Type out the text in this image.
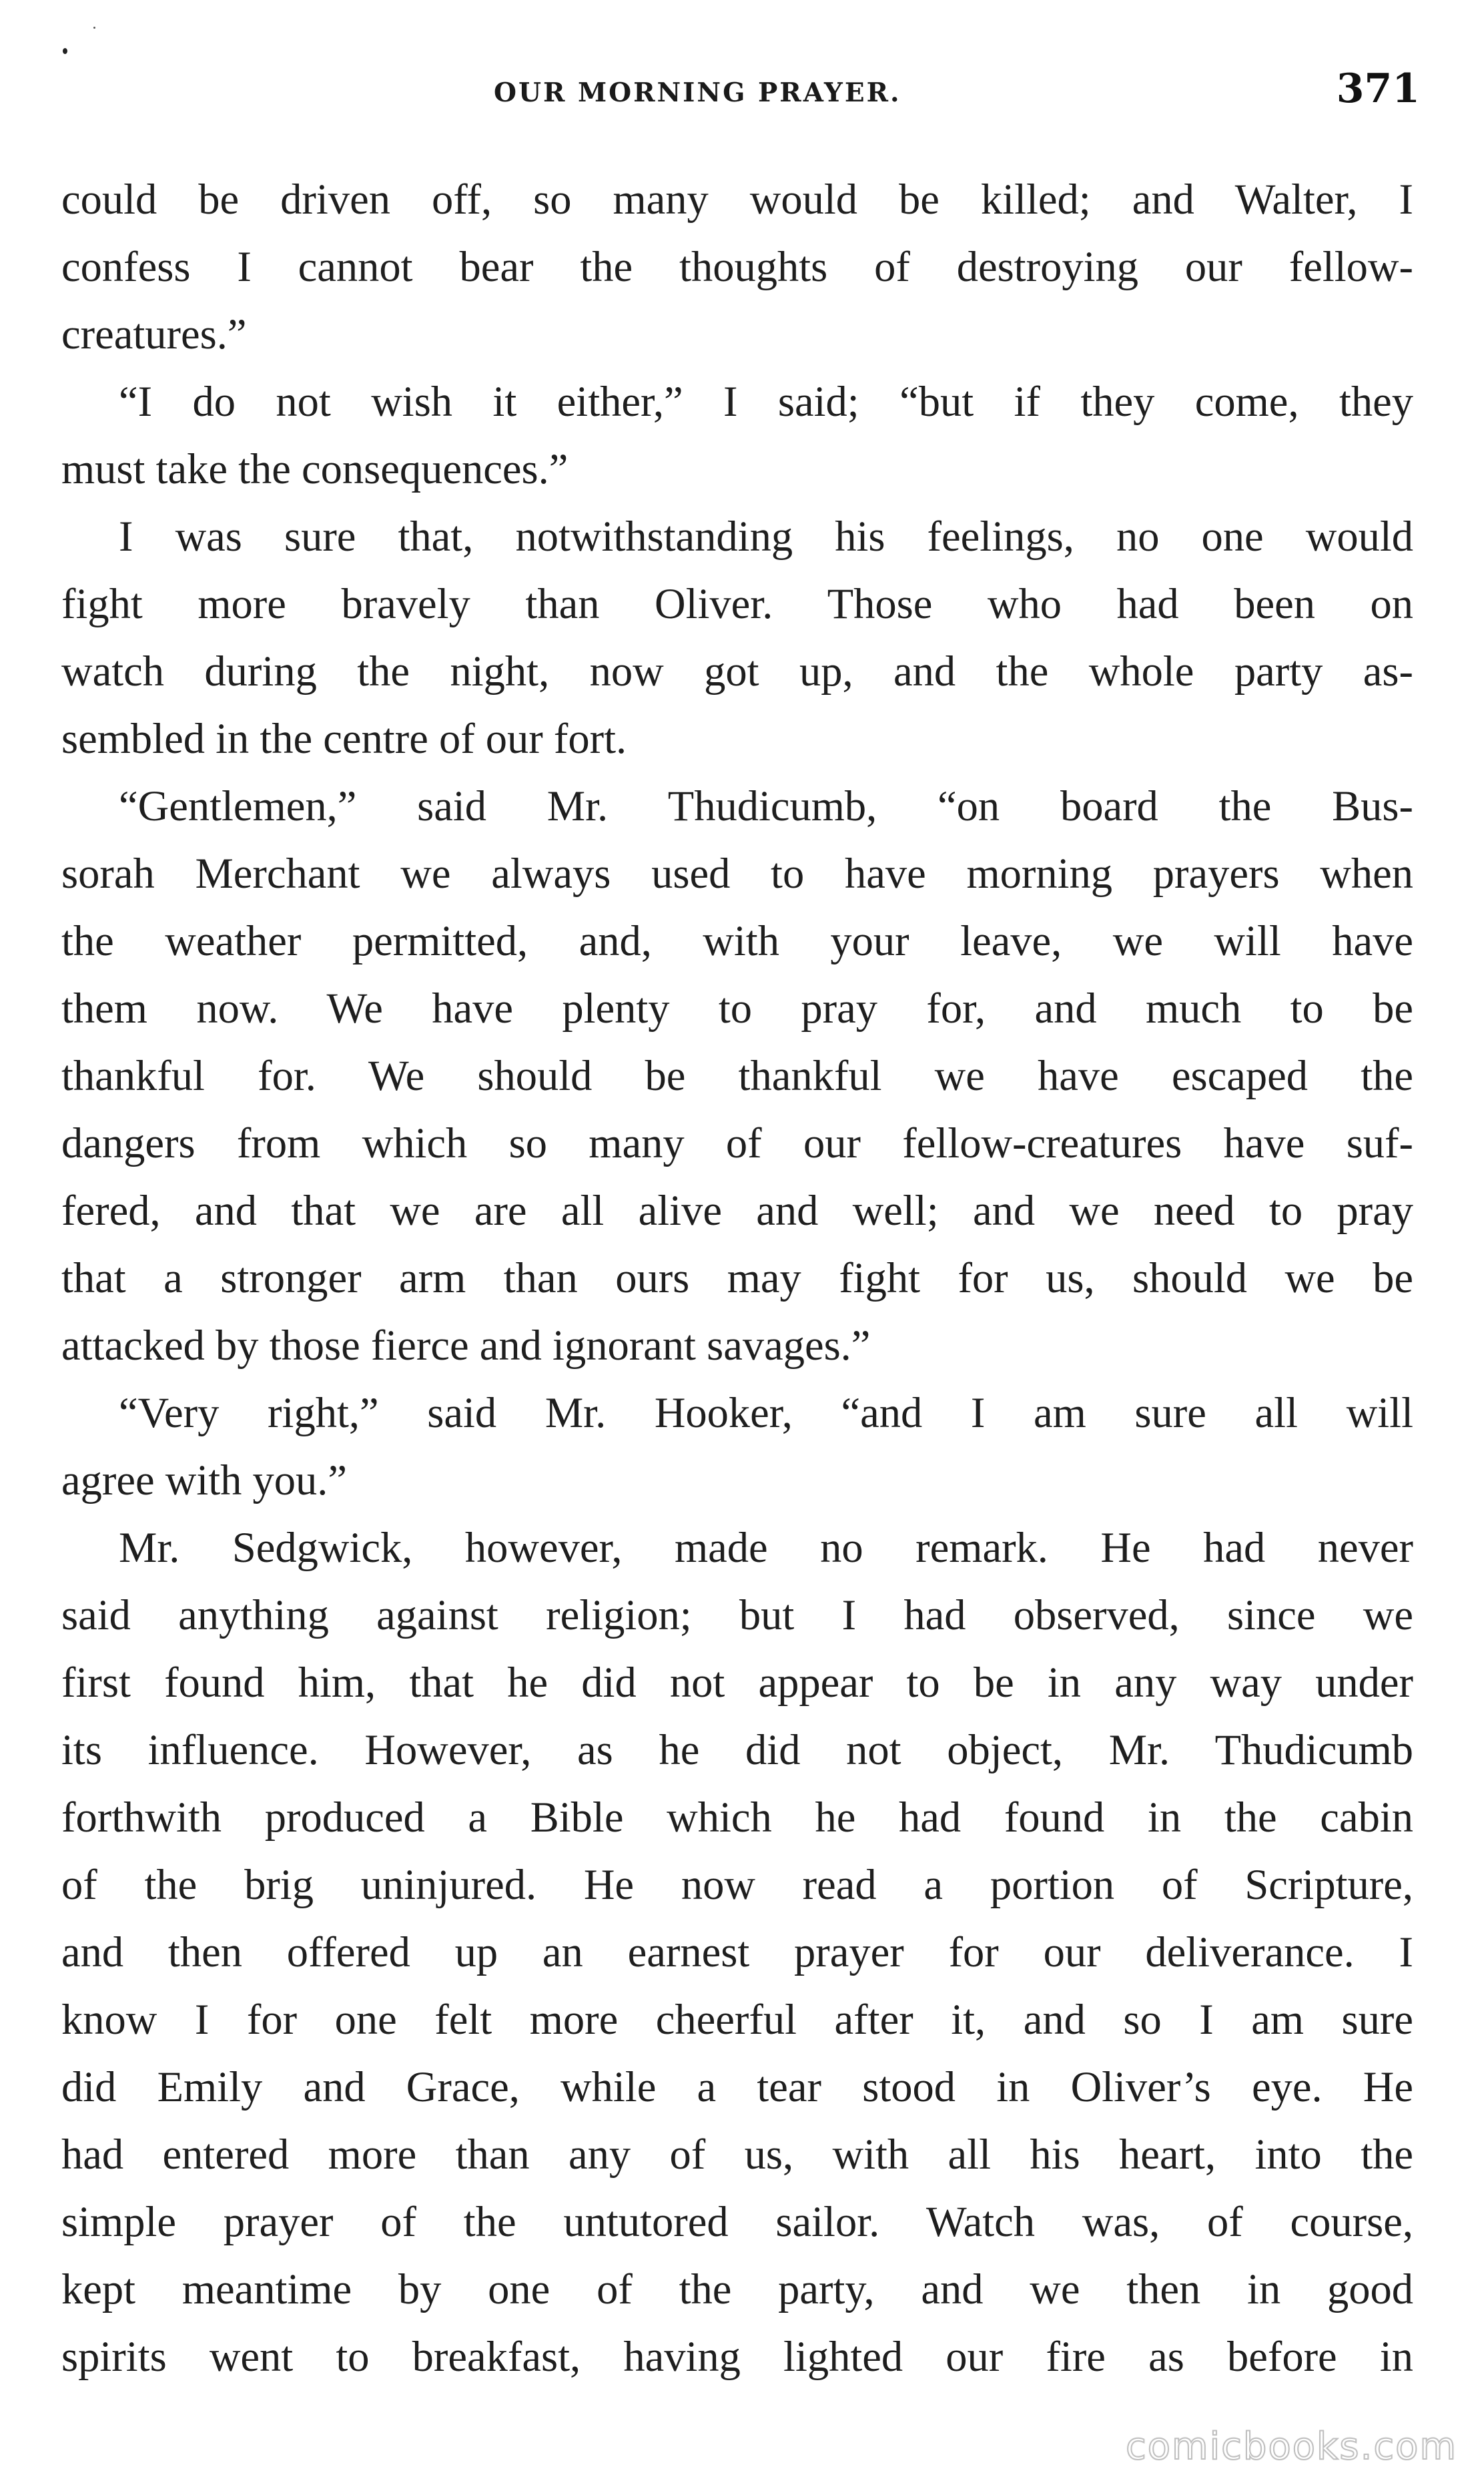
OUR MORNING PRAYER.	371
could be driven off, so many would be killed; and Walter, I
confess I cannot bear the thoughts of destroying our fellow-
creatures.”
“I do not wish it either,” I said; “but if they come, they
must take the consequences.”
I was sure that, notwithstanding his feelings, no one would
fight more bravely than Oliver. Those who had been on
watch during the night, now got up, and the whole party as-
sembled in the centre of our fort.
“Gentlemen,” said Mr. Thudicumb, “on board the Bus-
sorah Merchant we always used to have morning prayers when
the weather permitted, and, with your leave, we will have
them now. We have plenty to pray for, and much to be
thankful for. We should be thankful we have escaped the
dangers from which so many of our fellow-creatures have suf-
fered, and that we are all alive and well; and we need to pray
that a stronger arm than ours may fight for us, should we be
attacked by those fierce and ignorant savages.”
“Very right,” said Mr. Hooker, “and I am sure all will
agree with you.”
Mr. Sedgwick, however, made no remark. He had never
said anything against religion; but I had observed, since we
first found him, that he did not appear to be in any way under
its influence. However, as he did not object, Mr. Thudicumb
forthwith produced a Bible which he had found in the cabin
of the brig uninjured. He now read a portion of Scripture,
and then offered up an earnest prayer for our deliverance. I
know I for one felt more cheerful after it, and so I am sure
did Emily and Grace, while a tear stood in Oliver’s eye. He
had entered more than any of us, with all his heart, into the
simple prayer of the untutored sailor. Watch was, of course,
kept meantime by one of the party, and we then in good
spirits went to breakfast, having lighted our fire as before in
comicbooks.com
